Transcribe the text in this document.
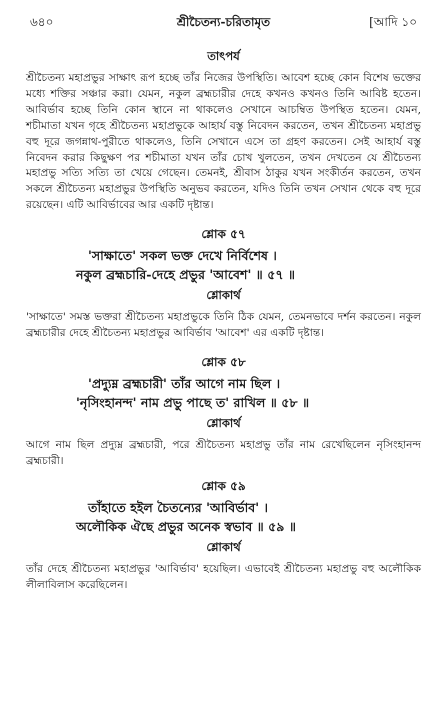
৬৪০	শ্রীচৈতন্য-চরিতামৃত	[আদি ১০
তাৎপর্য

শ্রীচৈতন্য মহাপ্রভুর সাক্ষাৎ রূপ হচ্ছে তাঁর নিজের উপস্থিতি। আবেশ হচ্ছে কোন বিশেষ ভক্তের মধ্যে শক্তির সঞ্চার করা। যেমন, নকুল ব্রহ্মচারীর দেহে কখনও কখনও তিনি আবিষ্ট হতেন। আবির্ভাব হচ্ছে তিনি কোন স্থানে না থাকলেও সেখানে আচম্বিত উপস্থিত হতেন। যেমন, শচীমাতা যখন গৃহে শ্রীচৈতন্য মহাপ্রভুকে আহার্য বস্তু নিবেদন করতেন, তখন শ্রীচৈতন্য মহাপ্রভু বহু দূরে জগন্নাথ-পুরীতে থাকলেও, তিনি সেখানে এসে তা গ্রহণ করতেন। সেই আহার্য বস্তু নিবেদন করার কিছুক্ষণ পর শচীমাতা যখন তাঁর চোখ খুলতেন, তখন দেখতেন যে শ্রীচৈতন্য মহাপ্রভু সত্যি সত্যি তা খেয়ে গেছেন। তেমনই, শ্রীবাস ঠাকুর যখন সংকীর্তন করতেন, তখন সকলে শ্রীচৈতন্য মহাপ্রভুর উপস্থিতি অনুভব করতেন, যদিও তিনি তখন সেখান থেকে বহু দূরে রয়েছেন। এটি আবির্ভাবের আর একটি দৃষ্টান্ত।

শ্লোক ৫৭
'সাক্ষাতে' সকল ভক্ত দেখে নির্বিশেষ ।
নকুল ব্রহ্মচারি-দেহে প্রভুর 'আবেশ' ॥ ৫৭ ॥
শ্লোকার্থ

'সাক্ষাতে' সমস্ত ভক্তরা শ্রীচৈতন্য মহাপ্রভুকে তিনি ঠিক যেমন, তেমনভাবে দর্শন করতেন। নকুল ব্রহ্মচারীর দেহে শ্রীচৈতন্য মহাপ্রভুর আবির্ভাব 'আবেশ' এর একটি দৃষ্টান্ত।

শ্লোক ৫৮
'প্রদ্যুম্ন ব্রহ্মচারী' তাঁর আগে নাম ছিল ।
'নৃসিংহানন্দ' নাম প্রভু পাছে ত' রাখিল ॥ ৫৮ ॥
শ্লোকার্থ

আগে নাম ছিল প্রদ্যুম্ন ব্রহ্মচারী, পরে শ্রীচৈতন্য মহাপ্রভু তাঁর নাম রেখেছিলেন নৃসিংহানন্দ ব্রহ্মচারী।

শ্লোক ৫৯
তাঁহাতে হইল চৈতন্যের 'আবির্ভাব' ।
অলৌকিক ঐছে প্রভুর অনেক স্বভাব ॥ ৫৯ ॥
শ্লোকার্থ

তাঁর দেহে শ্রীচৈতন্য মহাপ্রভুর 'আবির্ভাব' হয়েছিল। এভাবেই শ্রীচৈতন্য মহাপ্রভু বহু অলৌকিক লীলাবিলাস করেছিলেন।
